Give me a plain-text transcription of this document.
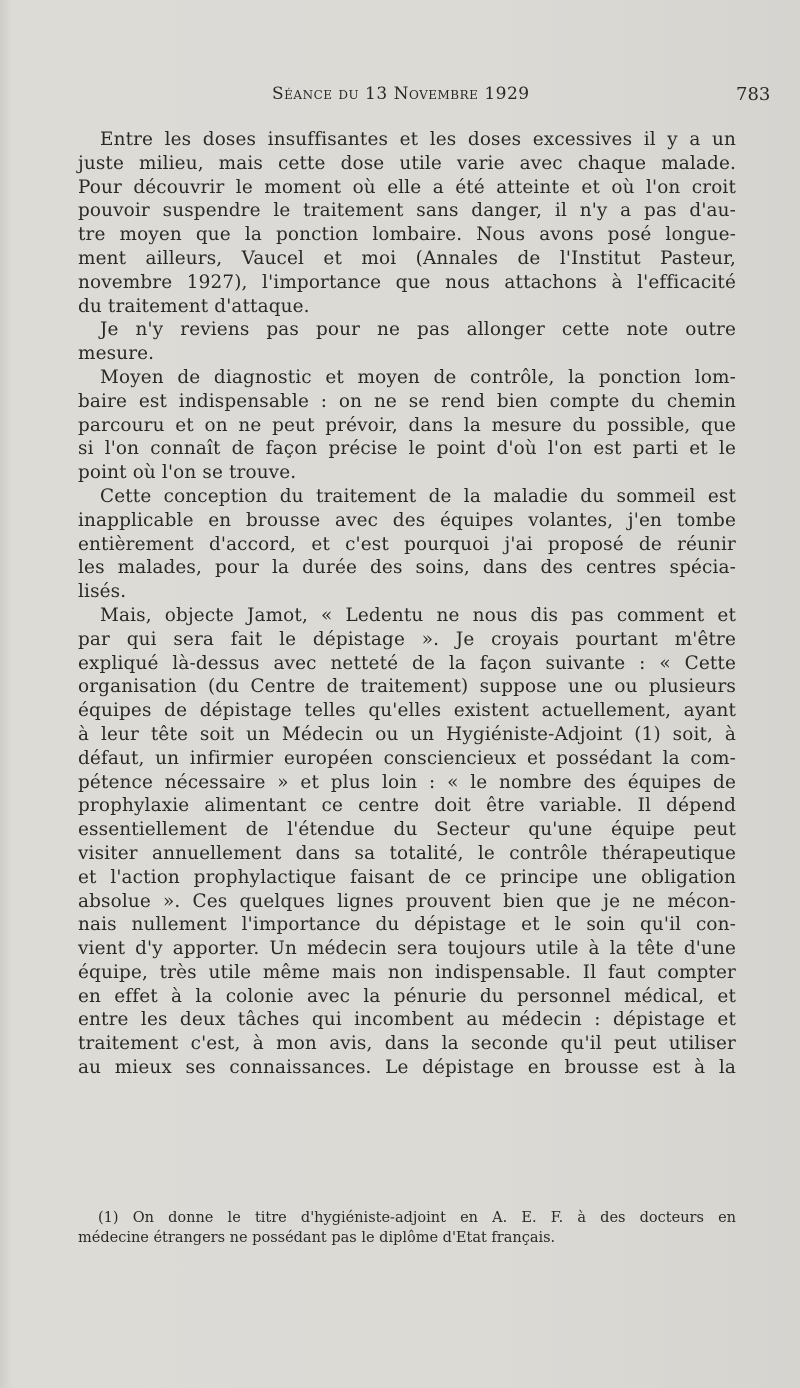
Séance du 13 Novembre 1929	783
Entre les doses insuffisantes et les doses excessives il y a un
juste milieu, mais cette dose utile varie avec chaque malade.
Pour découvrir le moment où elle a été atteinte et où l'on croit
pouvoir suspendre le traitement sans danger, il n'y a pas d'au-
tre moyen que la ponction lombaire. Nous avons posé longue-
ment ailleurs, Vaucel et moi (Annales de l'Institut Pasteur,
novembre 1927), l'importance que nous attachons à l'efficacité
du traitement d'attaque.
Je n'y reviens pas pour ne pas allonger cette note outre
mesure.
Moyen de diagnostic et moyen de contrôle, la ponction lom-
baire est indispensable : on ne se rend bien compte du chemin
parcouru et on ne peut prévoir, dans la mesure du possible, que
si l'on connaît de façon précise le point d'où l'on est parti et le
point où l'on se trouve.
Cette conception du traitement de la maladie du sommeil est
inapplicable en brousse avec des équipes volantes, j'en tombe
entièrement d'accord, et c'est pourquoi j'ai proposé de réunir
les malades, pour la durée des soins, dans des centres spécia-
lisés.
Mais, objecte Jamot, « Ledentu ne nous dis pas comment et
par qui sera fait le dépistage ». Je croyais pourtant m'être
expliqué là-dessus avec netteté de la façon suivante : « Cette
organisation (du Centre de traitement) suppose une ou plusieurs
équipes de dépistage telles qu'elles existent actuellement, ayant
à leur tête soit un Médecin ou un Hygiéniste-Adjoint (1) soit, à
défaut, un infirmier européen consciencieux et possédant la com-
pétence nécessaire » et plus loin : « le nombre des équipes de
prophylaxie alimentant ce centre doit être variable. Il dépend
essentiellement de l'étendue du Secteur qu'une équipe peut
visiter annuellement dans sa totalité, le contrôle thérapeutique
et l'action prophylactique faisant de ce principe une obligation
absolue ». Ces quelques lignes prouvent bien que je ne mécon-
nais nullement l'importance du dépistage et le soin qu'il con-
vient d'y apporter. Un médecin sera toujours utile à la tête d'une
équipe, très utile même mais non indispensable. Il faut compter
en effet à la colonie avec la pénurie du personnel médical, et
entre les deux tâches qui incombent au médecin : dépistage et
traitement c'est, à mon avis, dans la seconde qu'il peut utiliser
au mieux ses connaissances. Le dépistage en brousse est à la
(1) On donne le titre d'hygiéniste-adjoint en A. E. F. à des docteurs en
médecine étrangers ne possédant pas le diplôme d'Etat français.
